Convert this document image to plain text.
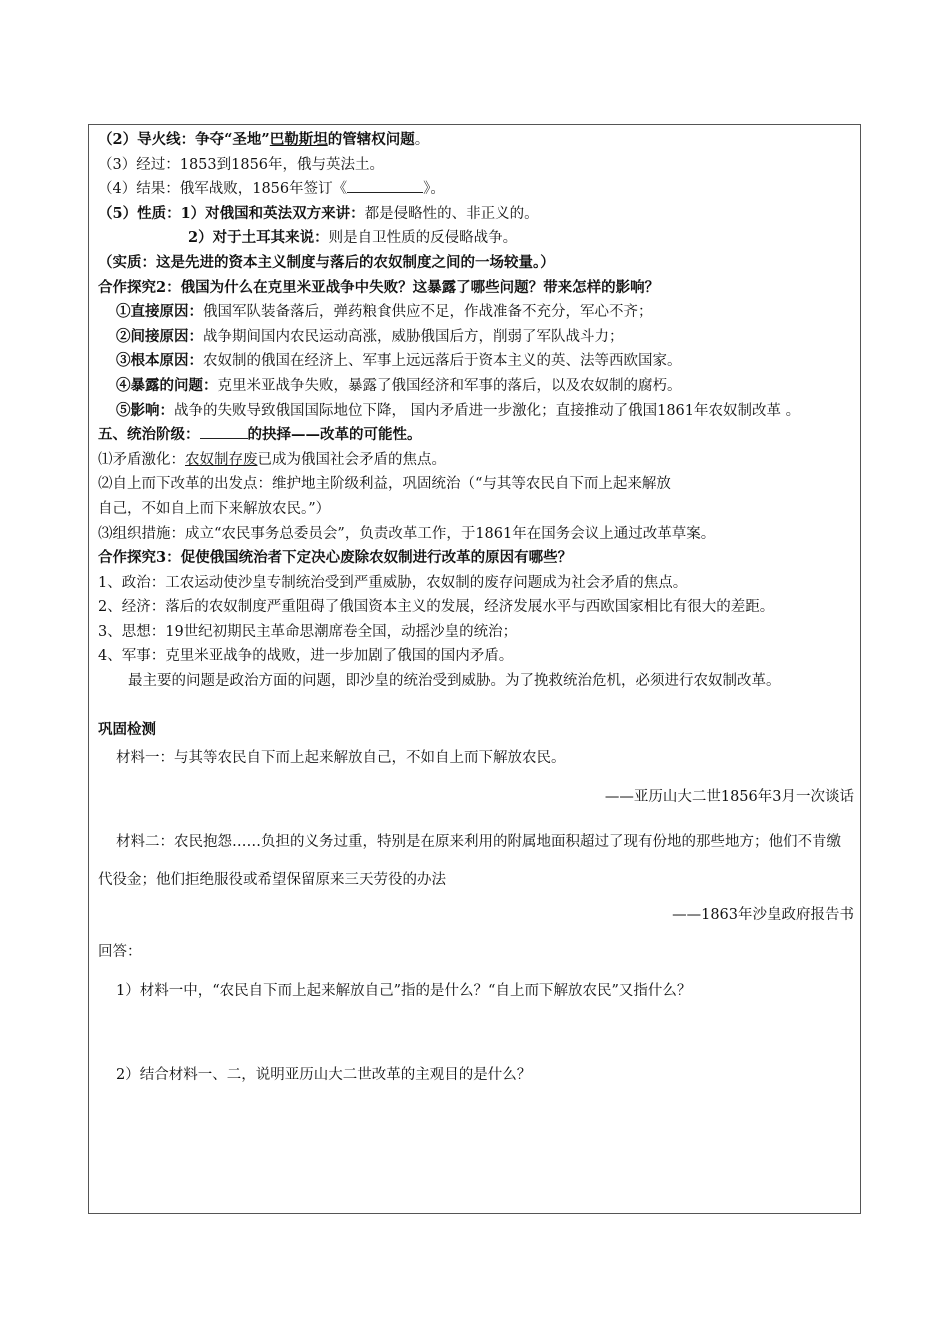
（2）导火线：争夺“圣地”巴勒斯坦的管辖权问题。
（3）经过：1853到1856年，俄与英法土。
（4）结果：俄军战败，1856年签订《	》。
（5）性质：1）对俄国和英法双方来讲：都是侵略性的、非正义的。
2）对于土耳其来说：则是自卫性质的反侵略战争。
（实质：这是先进的资本主义制度与落后的农奴制度之间的一场较量。）
合作探究2：俄国为什么在克里米亚战争中失败？这暴露了哪些问题？带来怎样的影响？
①直接原因：俄国军队装备落后，弹药粮食供应不足，作战准备不充分，军心不齐；
②间接原因：战争期间国内农民运动高涨，威胁俄国后方，削弱了军队战斗力；
③根本原因：农奴制的俄国在经济上、军事上远远落后于资本主义的英、法等西欧国家。
④暴露的问题：克里米亚战争失败，暴露了俄国经济和军事的落后，以及农奴制的腐朽。
⑤影响：战争的失败导致俄国国际地位下降， 国内矛盾进一步激化；直接推动了俄国1861年农奴制改革 。
五、统治阶级：	的抉择——改革的可能性。
⑴矛盾激化：农奴制存废已成为俄国社会矛盾的焦点。
⑵自上而下改革的出发点：维护地主阶级利益，巩固统治（“与其等农民自下而上起来解放
自己，不如自上而下来解放农民。”）
⑶组织措施：成立“农民事务总委员会”，负责改革工作，于1861年在国务会议上通过改革草案。
合作探究3：促使俄国统治者下定决心废除农奴制进行改革的原因有哪些？
1、政治：工农运动使沙皇专制统治受到严重威胁，农奴制的废存问题成为社会矛盾的焦点。
2、经济：落后的农奴制度严重阻碍了俄国资本主义的发展，经济发展水平与西欧国家相比有很大的差距。
3、思想：19世纪初期民主革命思潮席卷全国，动摇沙皇的统治；
4、军事：克里米亚战争的战败，进一步加剧了俄国的国内矛盾。
最主要的问题是政治方面的问题，即沙皇的统治受到威胁。为了挽救统治危机，必须进行农奴制改革。
巩固检测
材料一：与其等农民自下而上起来解放自己，不如自上而下解放农民。
——亚历山大二世1856年3月一次谈话
材料二：农民抱怨……负担的义务过重，特别是在原来利用的附属地面积超过了现有份地的那些地方；他们不肯缴代役金；他们拒绝服役或希望保留原来三天劳役的办法
——1863年沙皇政府报告书
回答：
1）材料一中，“农民自下而上起来解放自己”指的是什么？“自上而下解放农民”又指什么？
2）结合材料一、二，说明亚历山大二世改革的主观目的是什么？
